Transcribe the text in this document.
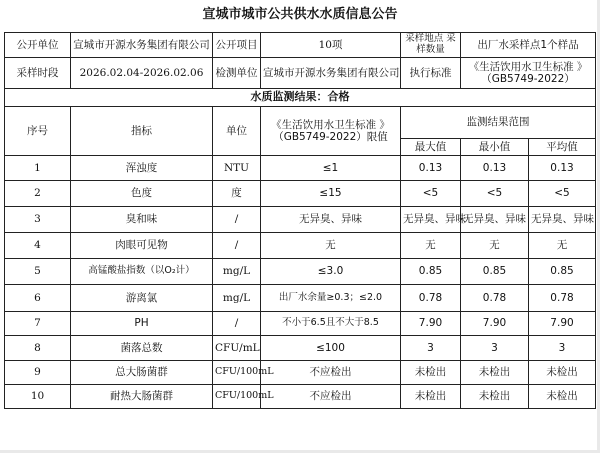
宣城市城市公共供水水质信息公告
公开单位	宣城市开源水务集团有限公司	公开项目	10项	采样地点 采样数量	出厂水采样点1个样品	
采样时段	2026.02.04-2026.02.06	检测单位	宣城市开源水务集团有限公司	执行标准	《生活饮用水卫生标准 》 （GB5749-2022）	
水质监测结果：合格						
序号	指标	单位	《生活饮用水卫生标准 》 （GB5749-2022）限值	监测结果范围		
				最大值	最小值	平均值
1	浑浊度	NTU	≤1	0.13	0.13	0.13
2	色度	度	≤15	<5	<5	<5
3	臭和味	/	无异臭、异味	无异臭、异味	无异臭、异味	无异臭、异味
4	肉眼可见物	/	无	无	无	无
5	高锰酸盐指数（以O₂计）	mg/L	≤3.0	0.85	0.85	0.85
6	游离氯	mg/L	出厂水余量≥0.3；≤2.0	0.78	0.78	0.78
7	PH	/	不小于6.5且不大于8.5	7.90	7.90	7.90
8	菌落总数	CFU/mL	≤100	3	3	3
9	总大肠菌群	CFU/100mL	不应检出	未检出	未检出	未检出
10	耐热大肠菌群	CFU/100mL	不应检出	未检出	未检出	未检出
